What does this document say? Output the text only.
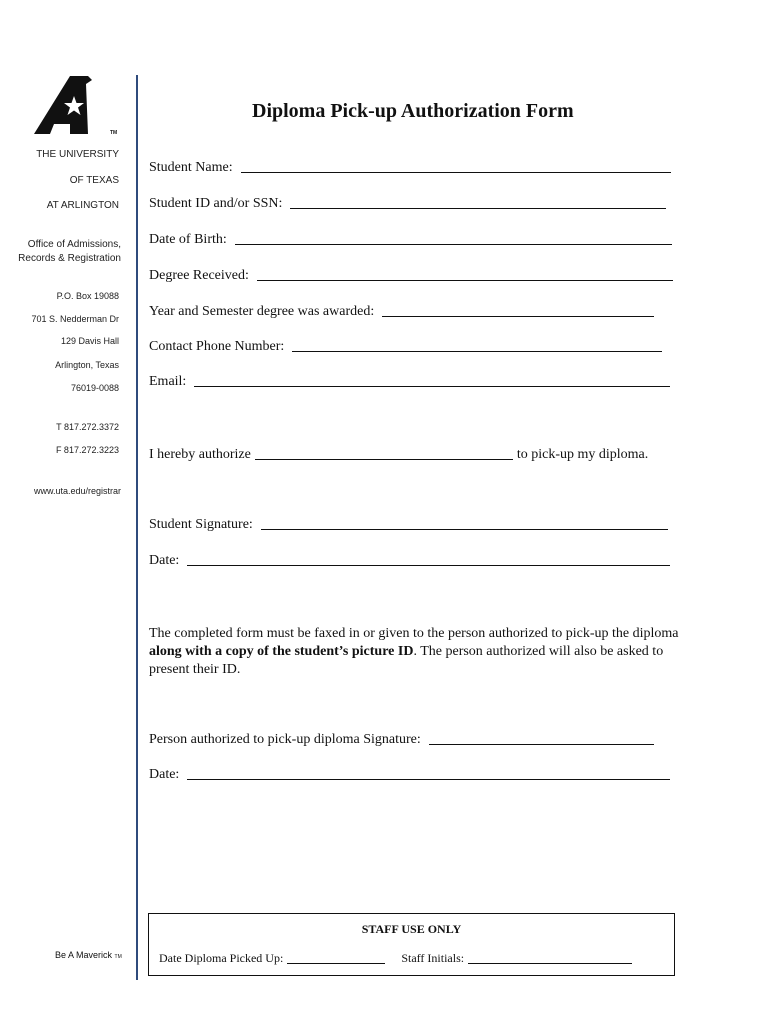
TM
THE UNIVERSITY
OF TEXAS
AT ARLINGTON
Office of Admissions,
Records & Registration
P.O. Box 19088
701 S. Nedderman Dr
129 Davis Hall
Arlington, Texas
76019-0088
T 817.272.3372
F 817.272.3223
www.uta.edu/registrar
Be A Maverick TM
Diploma Pick-up Authorization Form
Student Name:
Student ID and/or SSN:
Date of Birth:
Degree Received:
Year and Semester degree was awarded:
Contact Phone Number:
Email:
I hereby authorize	to pick-up my diploma.
Student Signature:
Date:
The completed form must be faxed in or given to the person authorized to pick-up the diploma along with a copy of the student’s picture ID. The person authorized will also be asked to present their ID.
Person authorized to pick-up diploma Signature:
Date:
STAFF USE ONLY
Date Diploma Picked Up:	Staff Initials:
